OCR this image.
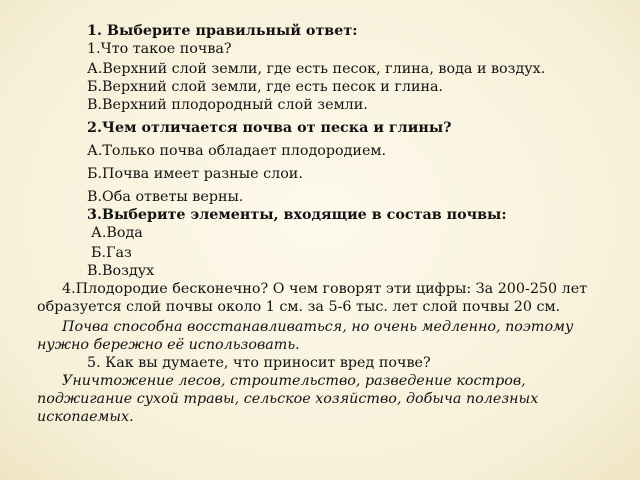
1. Выберите правильный ответ:
1.Что такое почва?
А.Верхний слой земли, где есть песок, глина, вода и воздух.
Б.Верхний слой земли, где есть песок и глина.
В.Верхний плодородный слой земли.
2.Чем отличается почва от песка и глины?
А.Только почва обладает плодородием.
Б.Почва имеет разные слои.
В.Оба ответы верны.
3.Выберите элементы, входящие в состав почвы:
А.Вода
Б.Газ
В.Воздух
4.Плодородие бесконечно? О чем говорят эти цифры: За 200-250 лет образуется слой почвы около 1 см. за 5-6 тыс. лет слой почвы 20 см.
Почва способна восстанавливаться, но очень медленно, поэтому нужно бережно её использовать.
5. Как вы думаете, что приносит вред почве?
Уничтожение лесов, строительство, разведение костров, поджигание сухой травы, сельское хозяйство, добыча полезных ископаемых.
